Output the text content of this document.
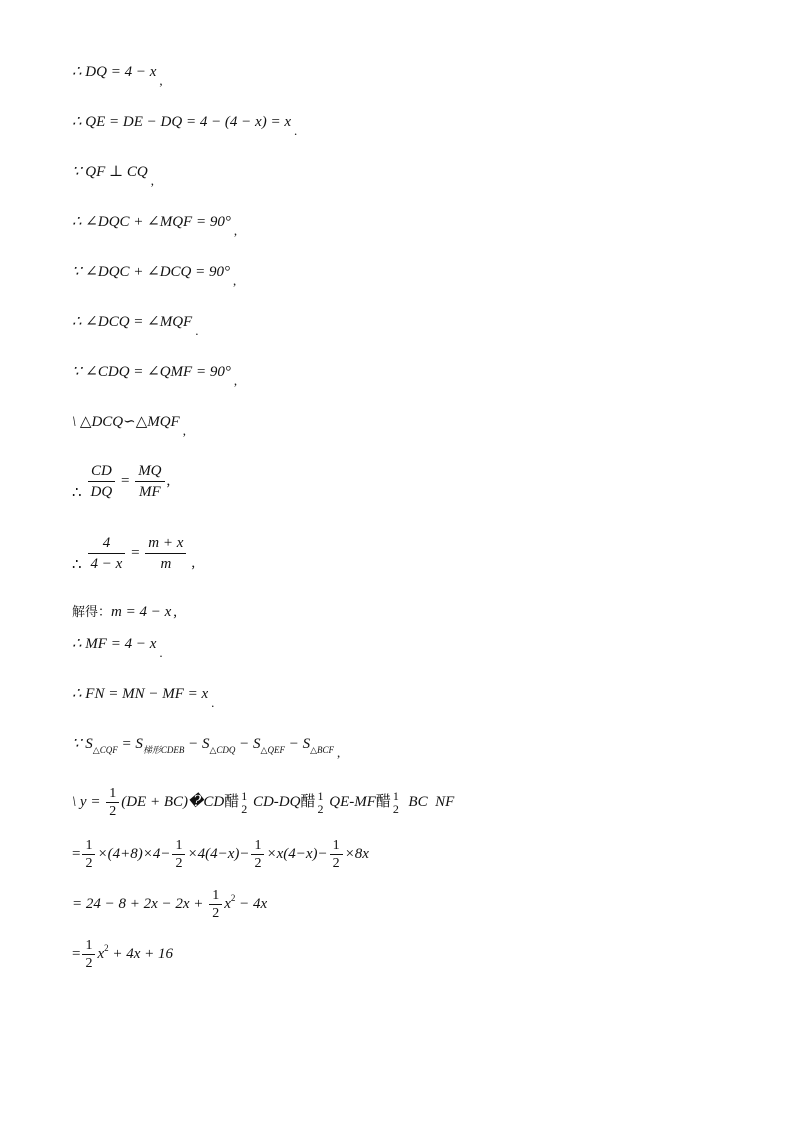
∴ DQ = 4 − x,
∴ QE = DE − DQ = 4 − (4 − x) = x.
∵ QF ⊥ CQ,
∴ ∠DQC + ∠MQF = 90°,
∵ ∠DQC + ∠DCQ = 90°,
∴ ∠DCQ = ∠MQF.
∵ ∠CDQ = ∠QMF = 90°,
\ △DCQ∽△MQF,
∴ $\frac{CD}{DQ} = \frac{MQ}{MF}$ ,
∴ $\frac{4}{4 - x} = \frac{m + x}{m}$ ,
解得：m = 4 − x ,
∴ MF = 4 − x.
∴ FN = MN − MF = x.
∵ $S_{\triangle CQF} = S_{梯形CDEB} - S_{\triangle CDQ} - S_{\triangle QEF} - S_{\triangle BCF}$ ,
\ $y = \frac{1}{2} (DE$ + BC)�CD醋 1
2 CD-DQ醋 1
2 QE-MF醋 1
2 BC  NF
= $\frac{1}{2} \times(4+8)\times 4- \frac{1}{2} \times 4(4-x)- \frac{1}{2} \times x(4-x)- \frac{1}{2} \times 8x$
= $24 - 8 + 2x - 2x + \frac{1}{2} x^2 - 4x$
= $\frac{1}{2} x^2 + 4x + 16$
